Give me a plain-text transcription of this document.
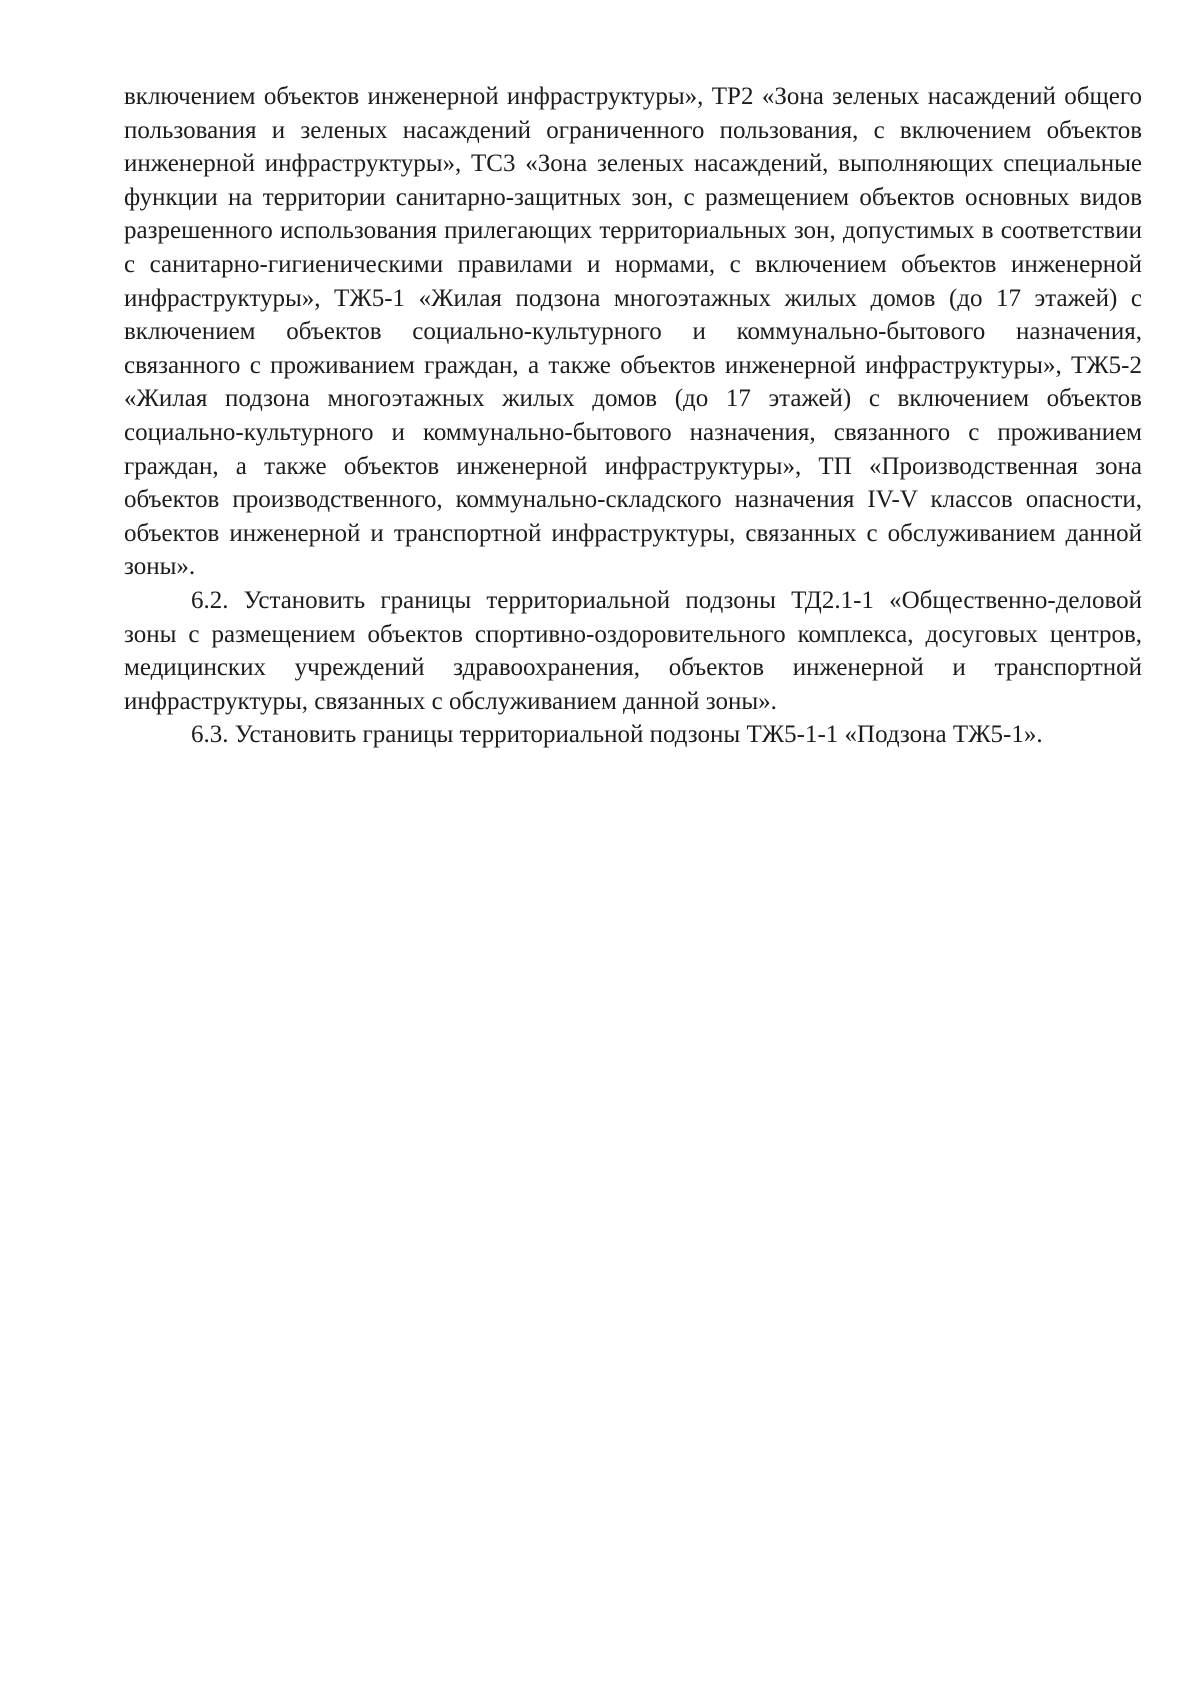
включением объектов инженерной инфраструктуры», ТР2 «Зона зеленых насаждений общего пользования и зеленых насаждений ограниченного пользования, с включением объектов инженерной инфраструктуры», ТС3 «Зона зеленых насаждений, выполняющих специальные функции на территории санитарно-защитных зон, с размещением объектов основных видов разрешенного использования прилегающих территориальных зон, допустимых в соответствии с санитарно-гигиеническими правилами и нормами, с включением объектов инженерной инфраструктуры», ТЖ5-1 «Жилая подзона многоэтажных жилых домов (до 17 этажей) с включением объектов социально-культурного и коммунально-бытового назначения, связанного с проживанием граждан, а также объектов инженерной инфраструктуры», ТЖ5-2 «Жилая подзона многоэтажных жилых домов (до 17 этажей) с включением объектов социально-культурного и коммунально-бытового назначения, связанного с проживанием граждан, а также объектов инженерной инфраструктуры», ТП «Производственная зона объектов производственного, коммунально-складского назначения IV-V классов опасности, объектов инженерной и транспортной инфраструктуры, связанных с обслуживанием данной зоны».

6.2. Установить границы территориальной подзоны ТД2.1-1 «Общественно-деловой зоны с размещением объектов спортивно-оздоровительного комплекса, досуговых центров, медицинских учреждений здравоохранения, объектов инженерной и транспортной инфраструктуры, связанных с обслуживанием данной зоны».

6.3. Установить границы территориальной подзоны ТЖ5-1-1 «Подзона ТЖ5-1».
